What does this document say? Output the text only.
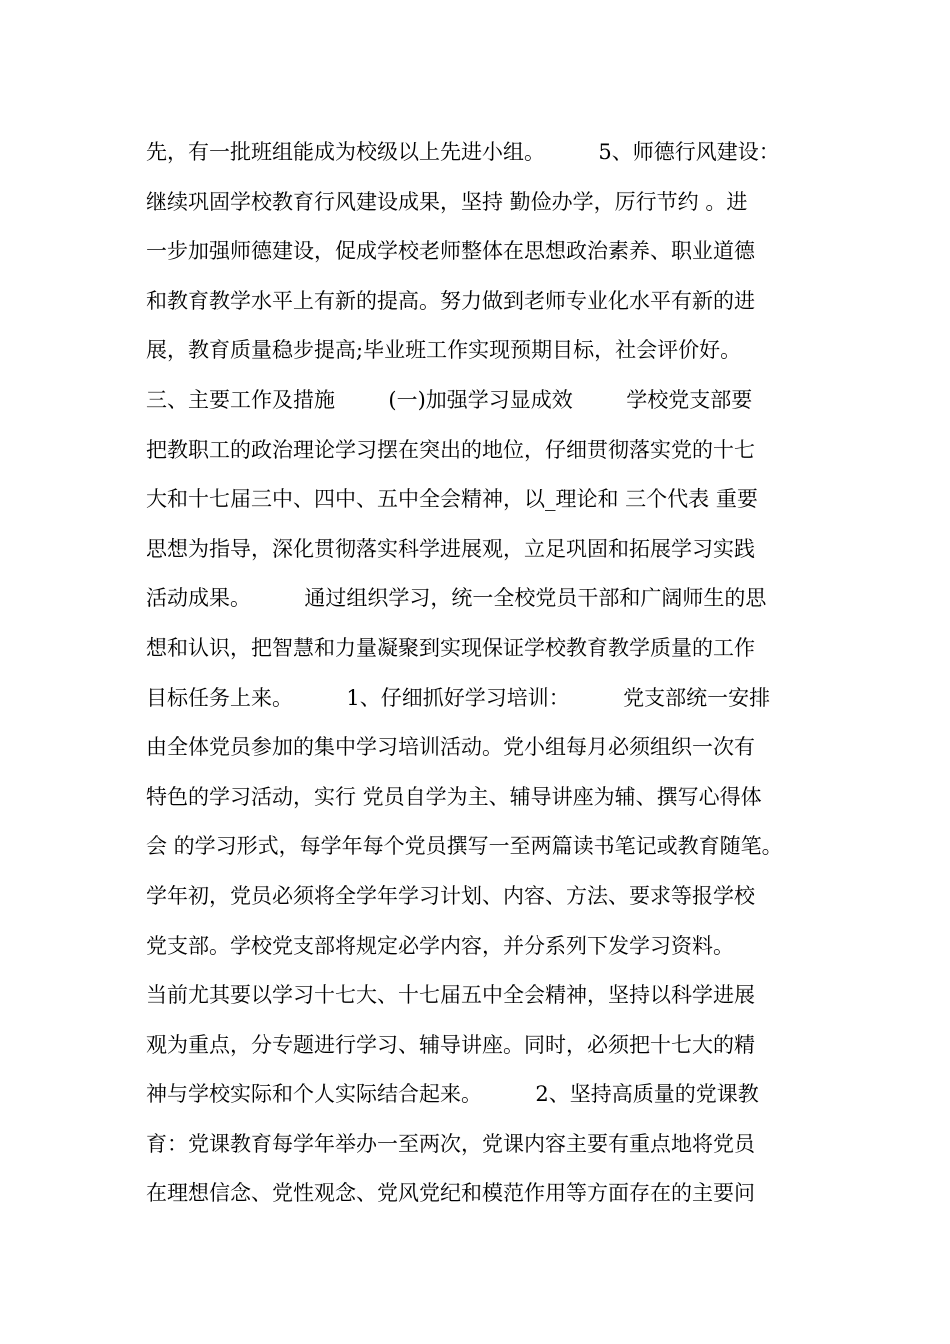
先，有一批班组能成为校级以上先进小组。        5、师德行风建设：
继续巩固学校教育行风建设成果，坚持 勤俭办学，厉行节约 。进
一步加强师德建设，促成学校老师整体在思想政治素养、职业道德
和教育教学水平上有新的提高。努力做到老师专业化水平有新的进
展，教育质量稳步提高;毕业班工作实现预期目标，社会评价好。
三、主要工作及措施        (一)加强学习显成效        学校党支部要
把教职工的政治理论学习摆在突出的地位，仔细贯彻落实党的十七
大和十七届三中、四中、五中全会精神，以_理论和 三个代表 重要
思想为指导，深化贯彻落实科学进展观，立足巩固和拓展学习实践
活动成果。        通过组织学习，统一全校党员干部和广阔师生的思
想和认识，把智慧和力量凝聚到实现保证学校教育教学质量的工作
目标任务上来。        1、仔细抓好学习培训：        党支部统一安排
由全体党员参加的集中学习培训活动。党小组每月必须组织一次有
特色的学习活动，实行 党员自学为主、辅导讲座为辅、撰写心得体
会 的学习形式，每学年每个党员撰写一至两篇读书笔记或教育随笔。
学年初，党员必须将全学年学习计划、内容、方法、要求等报学校
党支部。学校党支部将规定必学内容，并分系列下发学习资料。
当前尤其要以学习十七大、十七届五中全会精神，坚持以科学进展
观为重点，分专题进行学习、辅导讲座。同时，必须把十七大的精
神与学校实际和个人实际结合起来。        2、坚持高质量的党课教
育：党课教育每学年举办一至两次，党课内容主要有重点地将党员
在理想信念、党性观念、党风党纪和模范作用等方面存在的主要问
